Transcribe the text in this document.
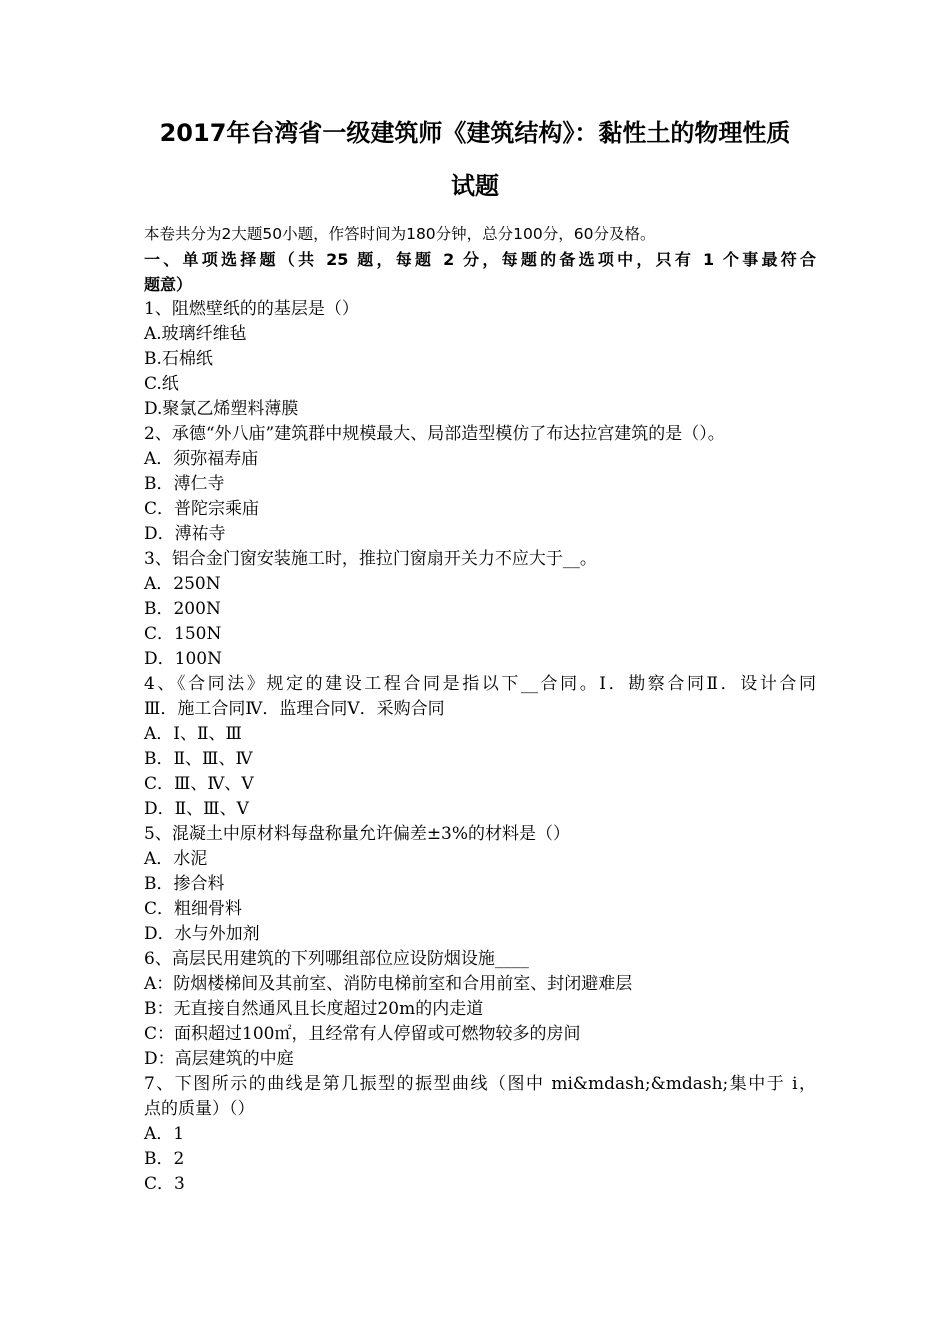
2017年台湾省一级建筑师《建筑结构》：黏性土的物理性质
试题
本卷共分为2大题50小题，作答时间为180分钟，总分100分，60分及格。
一、单项选择题（共 25 题，每题 2 分，每题的备选项中，只有 1 个事最符合
题意）
1、阻燃壁纸的的基层是（）
A.玻璃纤维毡
B.石棉纸
C.纸
D.聚氯乙烯塑料薄膜
2、承德“外八庙”建筑群中规模最大、局部造型模仿了布达拉宫建筑的是（）。
A．须弥福寿庙
B．溥仁寺
C．普陀宗乘庙
D．溥祐寺
3、铝合金门窗安装施工时，推拉门窗扇开关力不应大于__。
A．250N
B．200N
C．150N
D．100N
4、《合同法》规定的建设工程合同是指以下__合同。Ⅰ．勘察合同Ⅱ．设计合同
Ⅲ．施工合同Ⅳ．监理合同Ⅴ．采购合同
A．Ⅰ、Ⅱ、Ⅲ
B．Ⅱ、Ⅲ、Ⅳ
C．Ⅲ、Ⅳ、Ⅴ
D．Ⅱ、Ⅲ、Ⅴ
5、混凝土中原材料每盘称量允许偏差±3%的材料是（）
A．水泥
B．掺合料
C．粗细骨料
D．水与外加剂
6、高层民用建筑的下列哪组部位应设防烟设施____
A：防烟楼梯间及其前室、消防电梯前室和合用前室、封闭避难层
B：无直接自然通风且长度超过20m的内走道
C：面积超过100㎡，且经常有人停留或可燃物较多的房间
D：高层建筑的中庭
7、下图所示的曲线是第几振型的振型曲线（图中 mi&mdash;&mdash;集中于 i，
点的质量）（）
A．1
B．2
C．3
